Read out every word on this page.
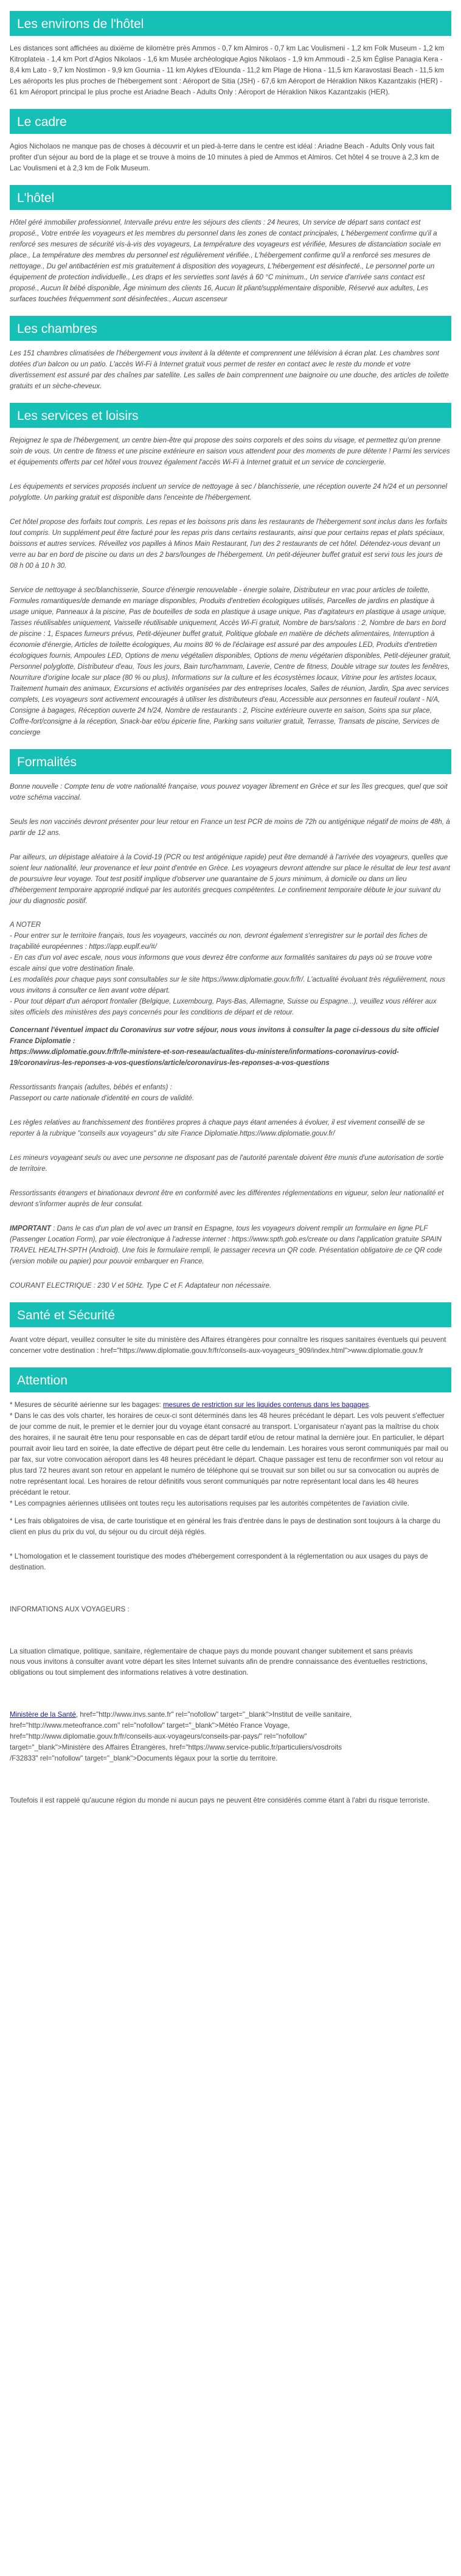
Les environs de l'hôtel

Les distances sont affichées au dixième de kilomètre près Ammos - 0,7 km Almiros - 0,7 km Lac Voulismeni - 1,2 km Folk Museum - 1,2 km Kitroplateia - 1,4 km Port d'Agios Nikolaos - 1,6 km Musée archéologique Agios Nikolaos - 1,9 km Ammoudi - 2,5 km Église Panagia Kera - 8,4 km Lato - 9,7 km Nostimon - 9,9 km Gournia - 11 km Alykes d'Elounda - 11,2 km Plage de Hiona - 11,5 km Karavostasi Beach - 11,5 km Les aéroports les plus proches de l'hébergement sont : Aéroport de Sitia (JSH) - 67,6 km Aéroport de Héraklion Nikos Kazantzakis (HER) - 61 km Aéroport principal le plus proche est Ariadne Beach - Adults Only : Aéroport de Héraklion Nikos Kazantzakis (HER).

Le cadre

Agios Nicholaos ne manque pas de choses à découvrir et un pied-à-terre dans le centre est idéal : Ariadne Beach - Adults Only vous fait profiter d'un séjour au bord de la plage et se trouve à moins de 10 minutes à pied de Ammos et Almiros. Cet hôtel 4 se trouve à 2,3 km de Lac Voulismeni et à 2,3 km de Folk Museum.

L'hôtel

Hôtel géré immobilier professionnel, Intervalle prévu entre les séjours des clients : 24 heures, Un service de départ sans contact est proposé., Votre entrée les voyageurs et les membres du personnel dans les zones de contact principales, L'hébergement confirme qu'il a renforcé ses mesures de sécurité vis-à-vis des voyageurs, La température des voyageurs est vérifiée, Mesures de distanciation sociale en place., La température des membres du personnel est régulièrement vérifiée., L'hébergement confirme qu'il a renforcé ses mesures de nettoyage., Du gel antibactérien est mis gratuitement à disposition des voyageurs, L'hébergement est désinfecté., Le personnel porte un équipement de protection individuelle., Les draps et les serviettes sont lavés à 60 °C minimum., Un service d'arrivée sans contact est proposé., Aucun lit bébé disponible, Âge minimum des clients 16, Aucun lit pliant/supplémentaire disponible, Réservé aux adultes, Les surfaces touchées fréquemment sont désinfectées., Aucun ascenseur

Les chambres

Les 151 chambres climatisées de l'hébergement vous invitent à la détente et comprennent une télévision à écran plat. Les chambres sont dotées d'un balcon ou un patio. L'accès Wi-Fi à Internet gratuit vous permet de rester en contact avec le reste du monde et votre divertissement est assuré par des chaînes par satellite. Les salles de bain comprennent une baignoire ou une douche, des articles de toilette gratuits et un sèche-cheveux.

Les services et loisirs

Rejoignez le spa de l'hébergement, un centre bien-être qui propose des soins corporels et des soins du visage, et permettez qu'on prenne soin de vous. Un centre de fitness et une piscine extérieure en saison vous attendent pour des moments de pure détente ! Parmi les services et équipements offerts par cet hôtel vous trouvez également l'accès Wi-Fi à Internet gratuit et un service de conciergerie.

Les équipements et services proposés incluent un service de nettoyage à sec / blanchisserie, une réception ouverte 24 h/24 et un personnel polyglotte. Un parking gratuit est disponible dans l'enceinte de l'hébergement.

Cet hôtel propose des forfaits tout compris. Les repas et les boissons pris dans les restaurants de l'hébergement sont inclus dans les forfaits tout compris. Un supplément peut être facturé pour les repas pris dans certains restaurants, ainsi que pour certains repas et plats spéciaux, boissons et autres services. Réveillez vos papilles à Minos Main Restaurant, l'un des 2 restaurants de cet hôtel. Détendez-vous devant un verre au bar en bord de piscine ou dans un des 2 bars/lounges de l'hébergement. Un petit-déjeuner buffet gratuit est servi tous les jours de 08 h 00 à 10 h 30.

Service de nettoyage à sec/blanchisserie, Source d'énergie renouvelable - énergie solaire, Distributeur en vrac pour articles de toilette, Formules romantiques/de demande en mariage disponibles, Produits d'entretien écologiques utilisés, Parcelles de jardins en plastique à usage unique, Panneaux à la piscine, Pas de bouteilles de soda en plastique à usage unique, Pas d'agitateurs en plastique à usage unique, Tasses réutilisables uniquement, Vaisselle réutilisable uniquement, Accès Wi-Fi gratuit, Nombre de bars/salons : 2, Nombre de bars en bord de piscine : 1, Espaces fumeurs prévus, Petit-déjeuner buffet gratuit, Politique globale en matière de déchets alimentaires, Interruption à économie d'énergie, Articles de toilette écologiques, Au moins 80 % de l'éclairage est assuré par des ampoules LED, Produits d'entretien écologiques fournis, Ampoules LED, Options de menu végétalien disponibles, Options de menu végétarien disponibles, Petit-déjeuner gratuit, Personnel polyglotte, Distributeur d'eau, Tous les jours, Bain turc/hammam, Laverie, Centre de fitness, Double vitrage sur toutes les fenêtres, Nourriture d'origine locale sur place (80 % ou plus), Informations sur la culture et les écosystèmes locaux, Vitrine pour les artistes locaux, Traitement humain des animaux, Excursions et activités organisées par des entreprises locales, Salles de réunion, Jardin, Spa avec services complets, Les voyageurs sont activement encouragés à utiliser les distributeurs d'eau, Accessible aux personnes en fauteuil roulant - N/A, Consigne à bagages, Réception ouverte 24 h/24, Nombre de restaurants : 2, Piscine extérieure ouverte en saison, Soins spa sur place, Coffre-fort/consigne à la réception, Snack-bar et/ou épicerie fine, Parking sans voiturier gratuit, Terrasse, Transats de piscine, Services de concierge

Formalités

Bonne nouvelle : Compte tenu de votre nationalité française, vous pouvez voyager librement en Grèce et sur les îles grecques, quel que soit votre schéma vaccinal.

Seuls les non vaccinés devront présenter pour leur retour en France un test PCR de moins de 72h ou antigénique négatif de moins de 48h, à partir de 12 ans.

Par ailleurs, un dépistage aléatoire à la Covid-19 (PCR ou test antigénique rapide) peut être demandé à l'arrivée des voyageurs, quelles que soient leur nationalité, leur provenance et leur point d'entrée en Grèce. Les voyageurs devront attendre sur place le résultat de leur test avant de poursuivre leur voyage. Tout test positif implique d'observer une quarantaine de 5 jours minimum, à domicile ou dans un lieu d'hébergement temporaire approprié indiqué par les autorités grecques compétentes. Le confinement temporaire débute le jour suivant du jour du diagnostic positif.

A NOTER
- Pour entrer sur le territoire français, tous les voyageurs, vaccinés ou non, devront également s'enregistrer sur le portail des fiches de traçabilité européennes : https://app.euplf.eu/#/
- En cas d'un vol avec escale, nous vous informons que vous devrez être conforme aux formalités sanitaires du pays où se trouve votre escale ainsi que votre destination finale.
Les modalités pour chaque pays sont consultables sur le site https://www.diplomatie.gouv.fr/fr/. L'actualité évoluant très régulièrement, nous vous invitons à consulter ce lien avant votre départ.
- Pour tout départ d'un aéroport frontalier (Belgique, Luxembourg, Pays-Bas, Allemagne, Suisse ou Espagne...), veuillez vous référer aux sites officiels des ministères des pays concernés pour les conditions de départ et de retour.

Concernant l'éventuel impact du Coronavirus sur votre séjour, nous vous invitons à consulter la page ci-dessous du site officiel France Diplomatie :
https://www.diplomatie.gouv.fr/fr/le-ministere-et-son-reseau/actualites-du-ministere/informations-coronavirus-covid-19/coronavirus-les-reponses-a-vos-questions/article/coronavirus-les-reponses-a-vos-questions

Ressortissants français (adultes, bébés et enfants) :
Passeport ou carte nationale d'identité en cours de validité.

Les règles relatives au franchissement des frontières propres à chaque pays étant amenées à évoluer, il est vivement conseillé de se reporter à la rubrique "conseils aux voyageurs" du site France Diplomatie.https://www.diplomatie.gouv.fr/

Les mineurs voyageant seuls ou avec une personne ne disposant pas de l'autorité parentale doivent être munis d'une autorisation de sortie de territoire.

Ressortissants étrangers et binationaux devront être en conformité avec les différentes réglementations en vigueur, selon leur nationalité et devront s'informer auprès de leur consulat.

IMPORTANT : Dans le cas d'un plan de vol avec un transit en Espagne, tous les voyageurs doivent remplir un formulaire en ligne PLF (Passenger Location Form), par voie électronique à l'adresse internet : https://www.spth.gob.es/create ou dans l'application gratuite SPAIN TRAVEL HEALTH-SPTH (Android). Une fois le formulaire rempli, le passager recevra un QR code. Présentation obligatoire de ce QR code (version mobile ou papier) pour pouvoir embarquer en France.

COURANT ELECTRIQUE : 230 V et 50Hz. Type C et F. Adaptateur non nécessaire.

Santé et Sécurité

Avant votre départ, veuillez consulter le site du ministère des Affaires étrangères pour connaître les risques sanitaires éventuels qui peuvent concerner votre destination : href="https://www.diplomatie.gouv.fr/fr/conseils-aux-voyageurs_909/index.html">www.diplomatie.gouv.fr

Attention

* Mesures de sécurité aérienne sur les bagages: mesures de restriction sur les liquides contenus dans les bagages.
* Dans le cas des vols charter, les horaires de ceux-ci sont déterminés dans les 48 heures précédant le départ. Les vols peuvent s'effectuer de jour comme de nuit, le premier et le dernier jour du voyage étant consacré au transport. L'organisateur n'ayant pas la maîtrise du choix des horaires, il ne saurait être tenu pour responsable en cas de départ tardif et/ou de retour matinal la dernière jour. En particulier, le départ pourrait avoir lieu tard en soirée, la date effective de départ peut être celle du lendemain. Les horaires vous seront communiqués par mail ou par fax, sur votre convocation aéroport dans les 48 heures précédant le départ. Chaque passager est tenu de reconfirmer son vol retour au plus tard 72 heures avant son retour en appelant le numéro de téléphone qui se trouvait sur son billet ou sur sa convocation ou auprès de notre représentant local. Les horaires de retour définitifs vous seront communiqués par notre représentant local dans les 48 heures précédant le retour.
* Les compagnies aériennes utilisées ont toutes reçu les autorisations requises par les autorités compétentes de l'aviation civile.

* Les frais obligatoires de visa, de carte touristique et en général les frais d'entrée dans le pays de destination sont toujours à la charge du client en plus du prix du vol, du séjour ou du circuit déjà réglés.

* L'homologation et le classement touristique des modes d'hébergement correspondent à la réglementation ou aux usages du pays de destination.

INFORMATIONS AUX VOYAGEURS :

La situation climatique, politique, sanitaire, réglementaire de chaque pays du monde pouvant changer subitement et sans préavis
nous vous invitons à consulter avant votre départ les sites Internet suivants afin de prendre connaissance des éventuelles restrictions, obligations ou tout simplement des informations relatives à votre destination.

Ministère de la Santé, href="http://www.invs.sante.fr" rel="nofollow" target="_blank">Institut de veille sanitaire,
href="http://www.meteofrance.com" rel="nofollow" target="_blank">Météo France Voyage,
href="http://www.diplomatie.gouv.fr/fr/conseils-aux-voyageurs/conseils-par-pays/" rel="nofollow"
target="_blank">Ministère des Affaires Étrangères, href="https://www.service-public.fr/particuliers/vosdroits
/F32833" rel="nofollow" target="_blank">Documents légaux pour la sortie du territoire.

Toutefois il est rappelé qu'aucune région du monde ni aucun pays ne peuvent être considérés comme étant à l'abri du risque terroriste.
